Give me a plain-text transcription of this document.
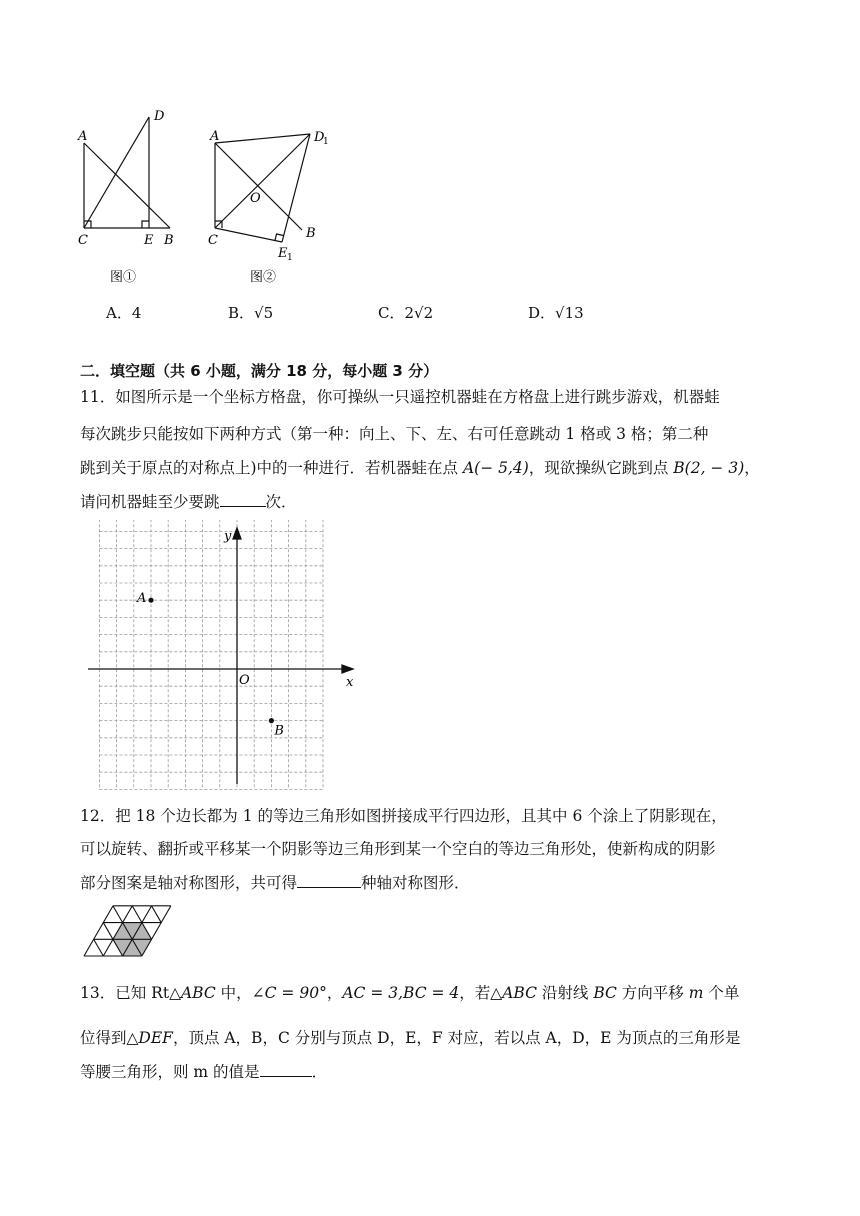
A
D
C	E B
图①
A	D
1
O
C	B
E 1
图②
A．4	B．√5	C．2√2	D．√13
二．填空题（共 6 小题，满分 18 分，每小题 3 分）
11．如图所示是一个坐标方格盘，你可操纵一只遥控机器蛙在方格盘上进行跳步游戏，机器蛙
每次跳步只能按如下两种方式（第一种：向上、下、左、右可任意跳动 1 格或 3 格；第二种
跳到关于原点的对称点上)中的一种进行．若机器蛙在点 A(− 5,4)，现欲操纵它跳到点 B(2, − 3)，
请问机器蛙至少要跳	次．
x
y
O
A
B
12．把 18 个边长都为 1 的等边三角形如图拼接成平行四边形，且其中 6 个涂上了阴影现在，
可以旋转、翻折或平移某一个阴影等边三角形到某一个空白的等边三角形处，使新构成的阴影
部分图案是轴对称图形，共可得	种轴对称图形．
13．已知 Rt△ABC 中，∠C = 90°，AC = 3,BC = 4，若△ABC 沿射线 BC 方向平移 m 个单
位得到△DEF，顶点 A，B，C 分别与顶点 D，E，F 对应，若以点 A，D，E 为顶点的三角形是
等腰三角形，则 m 的值是	．
